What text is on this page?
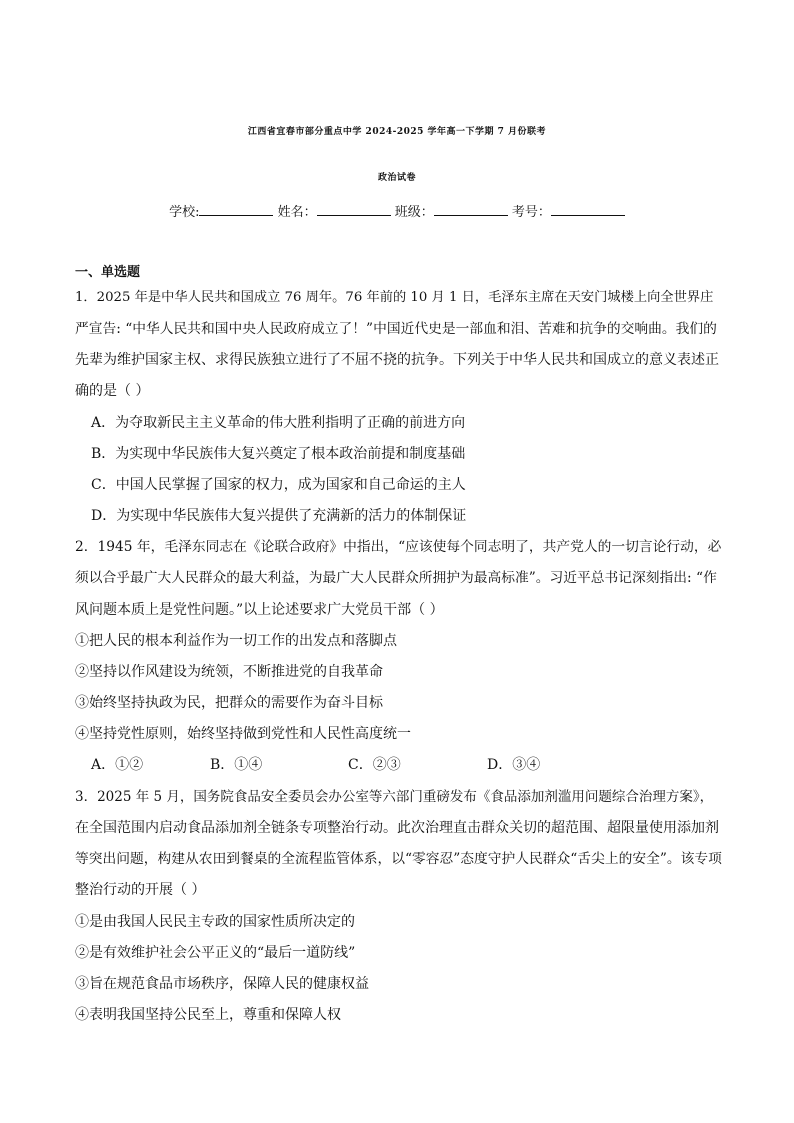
江西省宜春市部分重点中学 2024-2025 学年高一下学期 7 月份联考
政治试卷
学校:	姓名：	班级：	考号：
一、单选题
1．2025 年是中华人民共和国成立 76 周年。76 年前的 10 月 1 日，毛泽东主席在天安门城楼上向全世界庄
严宣告: “中华人民共和国中央人民政府成立了！”中国近代史是一部血和泪、苦难和抗争的交响曲。我们的
先辈为维护国家主权、求得民族独立进行了不屈不挠的抗争。下列关于中华人民共和国成立的意义表述正
确的是（ ）
A．为夺取新民主主义革命的伟大胜利指明了正确的前进方向
B．为实现中华民族伟大复兴奠定了根本政治前提和制度基础
C．中国人民掌握了国家的权力，成为国家和自己命运的主人
D．为实现中华民族伟大复兴提供了充满新的活力的体制保证
2．1945 年，毛泽东同志在《论联合政府》中指出，“应该使每个同志明了，共产党人的一切言论行动，必
须以合乎最广大人民群众的最大利益，为最广大人民群众所拥护为最高标准”。习近平总书记深刻指出: “作
风问题本质上是党性问题。”以上论述要求广大党员干部（ ）
①把人民的根本利益作为一切工作的出发点和落脚点
②坚持以作风建设为统领，不断推进党的自我革命
③始终坚持执政为民，把群众的需要作为奋斗目标
④坚持党性原则，始终坚持做到党性和人民性高度统一
A．①②	B．①④	C．②③	D．③④
3．2025 年 5 月，国务院食品安全委员会办公室等六部门重磅发布《食品添加剂滥用问题综合治理方案》，
在全国范围内启动食品添加剂全链条专项整治行动。此次治理直击群众关切的超范围、超限量使用添加剂
等突出问题，构建从农田到餐桌的全流程监管体系，以“零容忍”态度守护人民群众“舌尖上的安全”。该专项
整治行动的开展（ ）
①是由我国人民民主专政的国家性质所决定的
②是有效维护社会公平正义的“最后一道防线”
③旨在规范食品市场秩序，保障人民的健康权益
④表明我国坚持公民至上，尊重和保障人权
